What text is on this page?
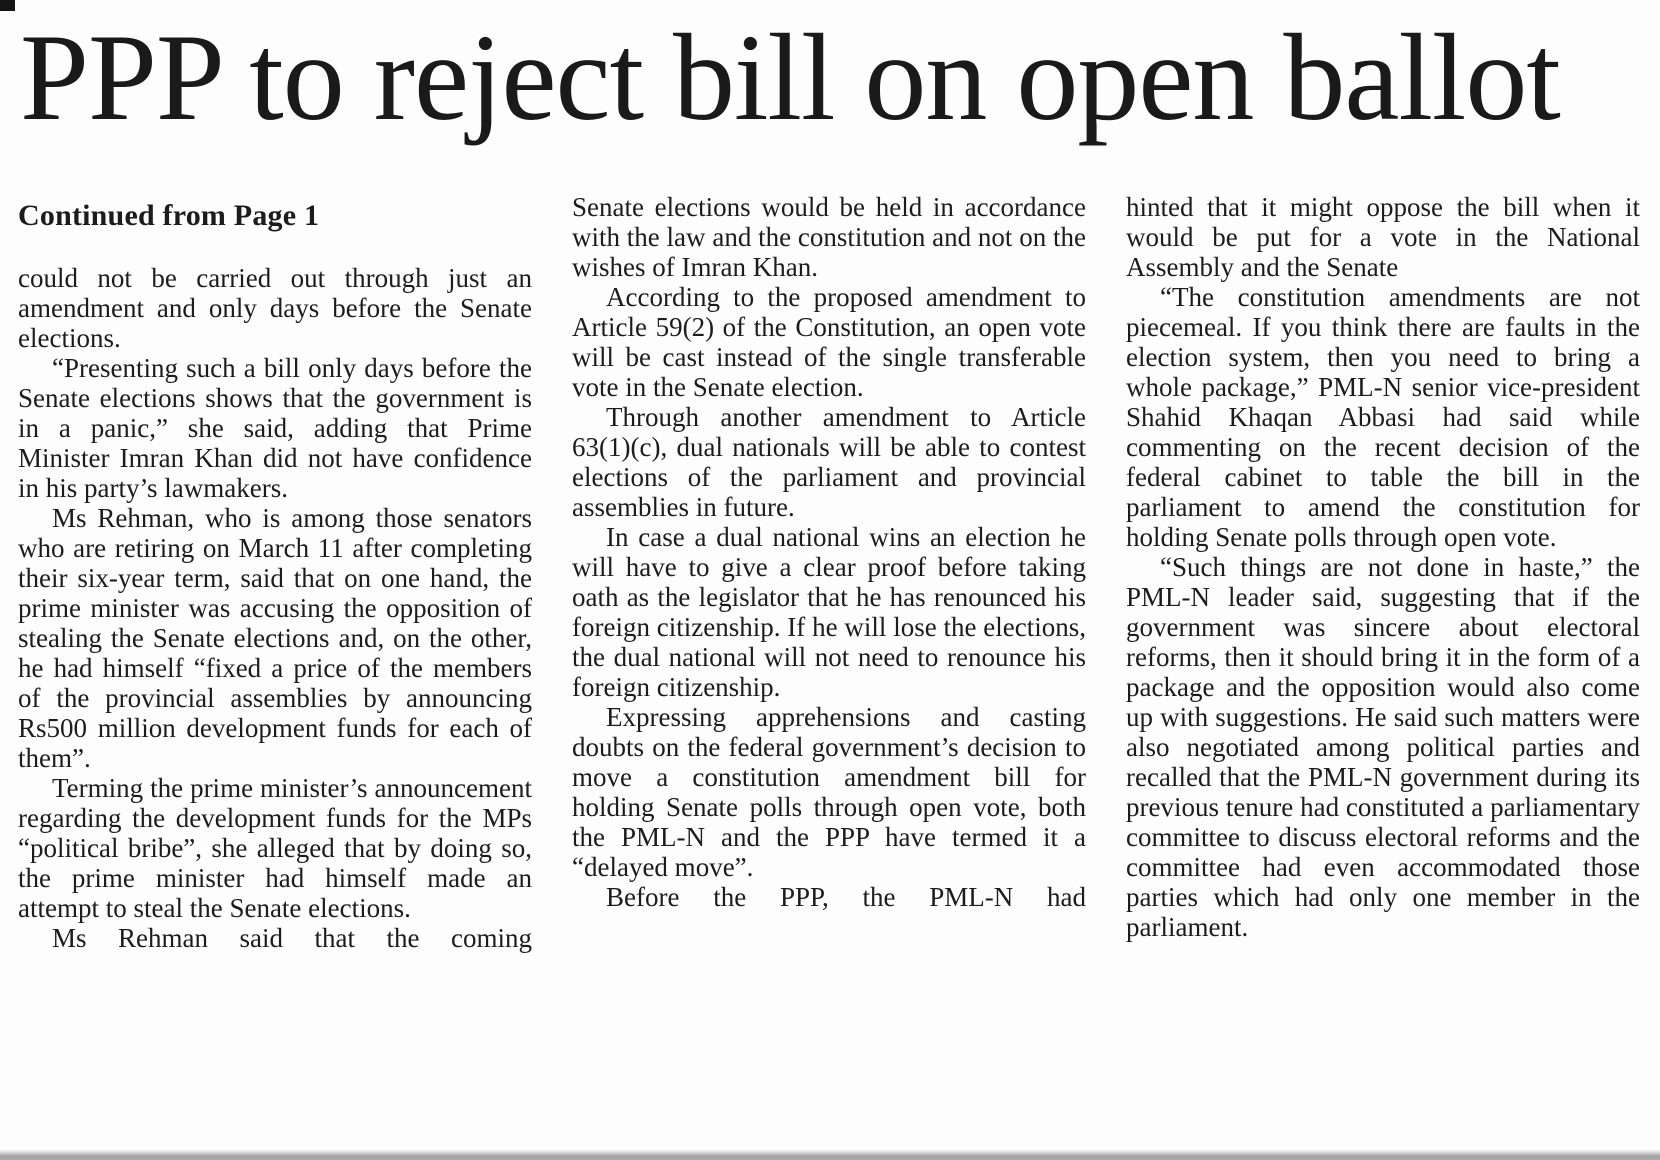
PPP to reject bill on open ballot
Continued from Page 1

could not be carried out through just an amendment and only days before the Senate elections.

“Presenting such a bill only days before the Senate elections shows that the government is in a panic,” she said, adding that Prime Minister Imran Khan did not have confidence in his party’s lawmakers.

Ms Rehman, who is among those senators who are retiring on March 11 after completing their six-year term, said that on one hand, the prime minister was accusing the opposition of stealing the Senate elections and, on the other, he had himself “fixed a price of the members of the provincial assemblies by announcing Rs500 million development funds for each of them”.

Terming the prime minister’s announcement regarding the development funds for the MPs “political bribe”, she alleged that by doing so, the prime minister had himself made an attempt to steal the Senate elections.

Ms Rehman said that the coming

Senate elections would be held in accordance with the law and the constitution and not on the wishes of Imran Khan.

According to the proposed amendment to Article 59(2) of the Constitution, an open vote will be cast instead of the single transferable vote in the Senate election.

Through another amendment to Article 63(1)(c), dual nationals will be able to contest elections of the parliament and provincial assemblies in future.

In case a dual national wins an election he will have to give a clear proof before taking oath as the legislator that he has renounced his foreign citizenship. If he will lose the elections, the dual national will not need to renounce his foreign citizenship.

Expressing apprehensions and casting doubts on the federal government’s decision to move a constitution amendment bill for holding Senate polls through open vote, both the PML-N and the PPP have termed it a “delayed move”.

Before the PPP, the PML-N had

hinted that it might oppose the bill when it would be put for a vote in the National Assembly and the Senate

“The constitution amendments are not piecemeal. If you think there are faults in the election system, then you need to bring a whole package,” PML-N senior vice-president Shahid Khaqan Abbasi had said while commenting on the recent decision of the federal cabinet to table the bill in the parliament to amend the constitution for holding Senate polls through open vote.

“Such things are not done in haste,” the PML-N leader said, suggesting that if the government was sincere about electoral reforms, then it should bring it in the form of a package and the opposition would also come up with suggestions. He said such matters were also negotiated among political parties and recalled that the PML-N government during its previous tenure had constituted a parliamentary committee to discuss electoral reforms and the committee had even accommodated those parties which had only one member in the parliament.
